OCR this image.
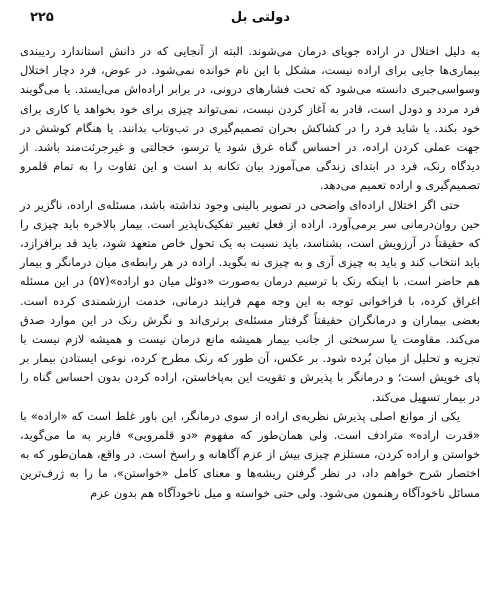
۲۲۵	دولتی بل

به دلیل اختلال در اراده جویای درمان می‌شوند. البته از آنجایی که در دانش استاندارد ردیبندی بیماری‌ها جایی برای اراده نیست، مشکل با این نام خوانده نمی‌شود. در عوض، فرد دچار اختلال وسواسی‌جبری دانسته می‌شود که تحت فشارهای درونی، در برابر اراده‌اش می‌ایستد. یا می‌گویند فرد مردد و دودل است، قادر به آغاز کردن نیست، نمی‌تواند چیزی برای خود بخواهد یا کاری برای خود بکند. یا شاید فرد را در کشاکش بحران تصمیم‌گیری در تب‌وتاب بدانند. یا هنگام کوشش در جهت عملی کردن اراده، در احساس گناه غرق شود یا ترسو، خجالتی و غیرجرئت‌مند باشد. از دیدگاه رنک، فرد در ابتدای زندگی می‌آموزد بیان تکانه بد است و این تفاوت را به تمام قلمرو تصمیم‌گیری و اراده تعمیم می‌دهد.

حتی اگر اختلال اراده‌ای واضحی در تصویر بالینی وجود نداشته باشد، مسئله‌ی اراده، ناگزیر در حین روان‌درمانی سر برمی‌آورد. اراده از فعل تغییر تفکیک‌ناپذیر است. بیمار بالاخره باید چیزی را که حقیقتاً در آرزویش است، بشناسد، باید نسبت به یک تحول خاص متعهد شود، باید قد برافرازد، باید انتخاب کند و باید به چیزی آری و به چیزی نه بگوید. اراده در هر رابطه‌ی میان درمانگر و بیمار هم حاضر است. با اینکه رنک با ترسیم درمان به‌صورت «دوئل میان دو اراده»(۵۷) در این مسئله اغراق کرده، با فراخوانی توجه به این وجه مهم فرایند درمانی، خدمت ارزشمندی کرده است. بعضی بیماران و درمانگران حقیقتاً گرفتار مسئله‌ی برتری‌اند و نگرش رنک در این موارد صدق می‌کند. مقاومت یا سرسختی از جانب بیمار همیشه مانع درمان نیست و همیشه لازم نیست با تجزیه و تحلیل از میان بُرده شود. بر عکس، آن طور که رنک مطرح کرده، نوعی ایستادن بیمار بر پای خویش است؛ و درمانگر با پذیرش و تقویت این به‌پاخاستن، اراده کردن بدون احساس گناه را در بیمار تسهیل می‌کند.

یکی از موانع اصلی پذیرش نظریه‌ی اراده از سوی درمانگر، این باور غلط است که «اراده» با «قدرت اراده» مترادف است. ولی همان‌طور که مفهوم «دو قلمرویی» فاربر به ما می‌گوید، خواستن و اراده کردن، مستلزم چیزی بیش از عزم آگاهانه و راسخ است. در واقع، همان‌طور که به اختصار شرح خواهم داد، در نظر گرفتن ریشه‌ها و معنای کامل «خواستن»، ما را به ژرف‌ترین مسائل ناخودآگاه رهنمون می‌شود. ولی حتی خواسته و میل ناخودآگاه هم بدون عزم
